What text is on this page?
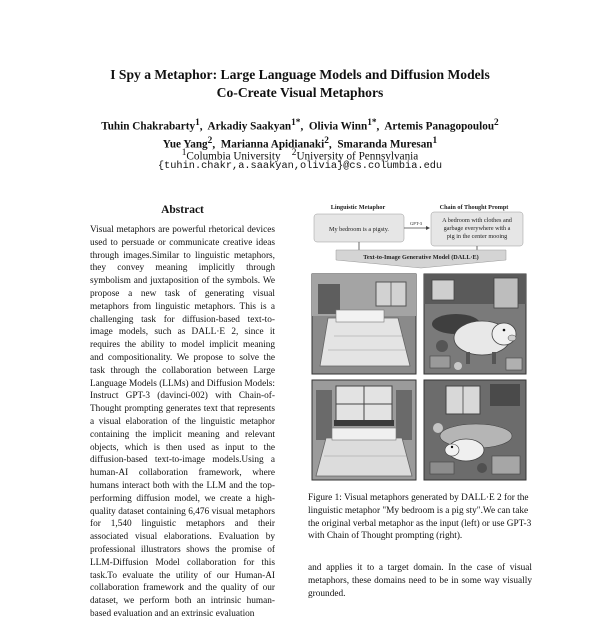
I Spy a Metaphor: Large Language Models and Diffusion Models
Co-Create Visual Metaphors
Tuhin Chakrabarty$^1$,  Arkadiy Saakyan$^{1*}$,  Olivia Winn$^{1*}$,  Artemis Panagopoulou$^2$
Yue Yang$^2$,  Marianna Apidianaki$^2$,  Smaranda Muresan$^1$
$^1$Columbia University $^2$University of Pennsylvania
{tuhin.chakr,a.saakyan,olivia}@cs.columbia.edu
Abstract

Visual metaphors are powerful rhetorical devices used to persuade or communicate creative ideas through images.Similar to linguistic metaphors, they convey meaning implicitly through symbolism and juxtaposition of the symbols. We propose a new task of generating visual metaphors from linguistic metaphors. This is a challenging task for diffusion-based text-to-image models, such as DALL·E 2, since it requires the ability to model implicit meaning and compositionality. We propose to solve the task through the collaboration between Large Language Models (LLMs) and Diffusion Models: Instruct GPT-3 (davinci-002) with Chain-of-Thought prompting generates text that represents a visual elaboration of the linguistic metaphor containing the implicit meaning and relevant objects, which is then used as input to the diffusion-based text-to-image models.Using a human-AI collaboration framework, where humans interact both with the LLM and the top-performing diffusion model, we create a high-quality dataset containing 6,476 visual metaphors for 1,540 linguistic metaphors and their associated visual elaborations. Evaluation by professional illustrators shows the promise of LLM-Diffusion Model collaboration for this task.To evaluate the utility of our Human-AI collaboration framework and the quality of our dataset, we perform both an intrinsic human-based evaluation and an extrinsic evaluation

Linguistic Metaphor	Chain of Thought Prompt
My bedroom is a pigsty.
GPT-3	A bedroom with clothes and
garbage everywhere with a
pig in the center mooing
Text-to-Image Generative Model (DALL·E)

Figure 1: Visual metaphors generated by DALL·E 2 for the linguistic metaphor "My bedroom is a pig sty".We can take the original verbal metaphor as the input (left) or use GPT-3 with Chain of Thought prompting (right).

and applies it to a target domain. In the case of visual metaphors, these domains need to be in some way visually grounded.
